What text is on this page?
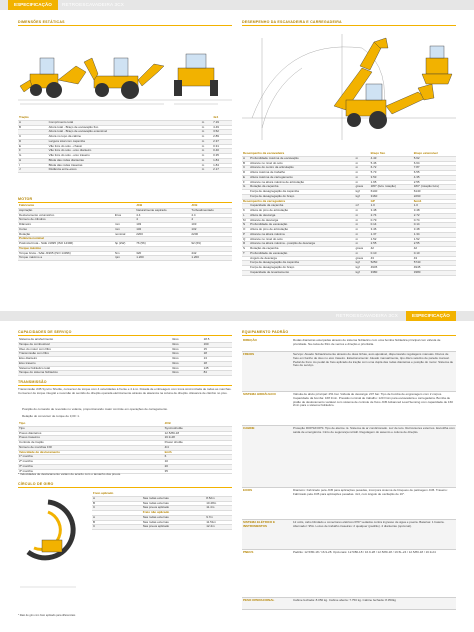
ESPECIFICAÇÃO	RETROESCAVADEIRA 3CX
DIMENSÕES ESTÁTICAS	DESEMPENHO DA ESCAVADEIRA E CARREGADEIRA
Tração			4x4
A	Comprimento total	m	7.19
B	Altura total - Braço de escavação fixo	m	4.49
	Altura total - Braço de escavação extensível	m	3.52
C	Altura no topo da cabine	m	2.89
D	Largura total com caçamba	m	2.37
E	Vão livre do solo - chassi	m	0.31
F	Vão livre do solo - eixo dianteiro	m	0.40
G	Vão livre do solo - eixo traseiro	m	0.35
H	Bitola das rodas dianteiras	m	1.84
I	Bitola das rodas traseiras	m	1.84
J	Distância entre-eixos	m	2.17
MOTOR
Fabricante		JCB	JCB
Aspiração		Naturalmente aspirado	Turboalimentado
Deslocamento volumétrico	litros	4.4	4.4
Número de cilindros		4	4
Diâmetro	mm	103	103
Curso	mm	132	132
Rotação	nominal	2200	2200
Potência nominal			
Potência bruta - SAE J1995 (ISO 14396)	hp (kW)	76 (56)	92 (69)
Torque máximo			
Torque bruta - SAE J1995 (ISO 14396)	Nm	320	442
Torque máximo a	rpm	1.200	1.200
Desempenho da escavadeira			Braço fixo	Braço extensível
A	Profundidade máxima de escavação	m	4.43	5.62
B	Alcance no nível do solo	m	5.46	6.64
C	Alcance do centro da articulação	m	6.72	7.87
D	Altura máxima de trabalho	m	5.73	6.55
E	Altura máxima de carregamento	m	3.53	4.35
F	Alcance na altura máxima de articulação	m	1.65	2.55
G	Rotação da caçamba	graus	180° (livre rotação)	180° (rotação livre)
	Força de desagregação da caçamba	kgf	6140	6140
	Força de desagregação do braço	kgf	3160	2290
Desempenho da carregadeira			GP	6em1
	Capacidade da caçamba	m³	1.0	1.0
K	Altura do pino de articulação	m	3.48	3.48
L	Altura de descarga	m	2.74	2.72
M	Alcance de descarga	m	0.79	0.74
N	Profundidade de escavação	m	0.14	0.14
O	Altura do pino de articulação	m	3.46	3.48
P	Alcance na altura máxima	m	1.37	1.34
Q	Alcance no nível do solo	m	1.52	1.52
R	Alcance na altura máxima - posição de descarga	m	2.55	2.55
S	Rotação da caçamba	graus	42	42
T	Profundidade de escavação	m	0.10	0.10
	Ângulo de descarga	graus	43	43
	Força de desagregação da caçamba	kgf	5250	5740
	Força de desagregação do braço	kgf	4945	4945
	Capacidade de levantamento	kgf	3380	3380
RETROESCAVADEIRA 3CX	ESPECIFICAÇÃO
CAPACIDADES DE SERVIÇO
Sistema de arrefecimento	litros	18.5
Tanque de combustível	litros	160
Óleo do motor com filtro	litros	15
Transmissão com filtro	litros	18
Eixo dianteiro	litros	13
Eixo traseiro	litros	18
Sistema hidráulico total	litros	145
Tanque do sistema hidráulico	litros	84
TRANSMISSÃO
Transmissão JCB Syncro Shuttle, conversor de torque com 4 velocidades à frente e 4 à ré. Dotada de embreagem com troca sincronizada de todas as marchas. Conversor de torque integral e reversão do sentido de direção operada eletricamente através de alavanca na coluna de direção. Alavanca de câmbio no piso.
Posição do comando de reversão no volante, proporcionando maior controle em operações de carregamento.
Relação do conversor de torque de 3,00 :1.
Tipo	JCB
Tipo	Syncroshuttle
Pneus dianteiros	12.5/80-18
Pneus traseiros	16.9-28
Controle de tração	Power shuttle
Número de marchas F/R	4/4
Velocidade de deslocamento	km/h
1ª marcha	6
2ª marcha	10
3ª marcha	20
4ª marcha	35
* Velocidades de deslocamento variam de acordo com o tamanho dos pneus.
CÍRCULO DE GIRO
* Raio de giro com freio aplicado para diferenciais
Freio aplicado		
A	Nas rodas externas	8.52m
B	Nas rodas externas	10.48m
C	Nas pneus aplicado	11.4m
	Freio não aplicado	
A	Nas rodas externas	9.7m
B	Nas rodas externas	11.51m
C	Nas pneus aplicado	12.4m
EQUIPAMENTO PADRÃO
DIREÇÃO	Rodas dianteiras esterçadas através de sistema hidráulico com uma bomba hidráulica principal com válvula de prioridade. Na caixa de filtro de ventos e direção é prioritária.
FREIOS	Serviço: Atuado hidraulicamente através de duas linhas, auto ajustável, dispensando regulagens manuais. Discos de freio em banho de óleo no eixo traseiro. Estacionamento: Atuado manualmente, tipo disco seletivo de parede manual. Pedal de freio: Ao pedal de freio aplicado da tração com uma dupla das rodas dianteiras e posição do motor. Sistema de freio de serviço.
SISTEMA HIDRÁULICO	Válvula de alívio principal: 251 bar. Válvula de descarga: 207 bar. Tipo de bomba de engrenagem com 2 corpos. Capacidade da bomba: 168 l/min. Pressão nominal de trabalho: 120 l/min para escavadeira e carregadeira. Bomba de pistão de deslocamento variável com sistema de controle de fluxo JCB Advanced Load Sensing com capacidade de 160 l/min para o sistema hidráulico.
CABINE	Proteção ROPS/FOPS: Tipo de alarme ré. Sistema de ar condicionado. Luz de teto. Retrovisores externos. Escotilha com saída de emergência. Cinto de segurança retrátil. Regulagem do assento e coluna de direção.
EIXOS	Dianteiro: Fabricado pela JCB para aplicações pesadas, incorpora sistema de bloqueio de patinagem JCB. Traseiro: Fabricado pela JCB para aplicações pesadas. 4x4, com ângulo de oscilação de 16°.
SISTEMA ELÉTRICO E INSTRUMENTOS
12 volts, cabo blindado e conectores elétricos IP67 vedados contra ingresso de água e poeira. Baterias: 1 bateria. Alternador: 95A. Luzes de trabalho traseiras: 2 qualquer (padrão). 4 dianteiras (opcional).
PNEUS	Padrão: 12.5/80-18 / 16.9-28. Opcionais: 12.5/80-18 / 16.9-28 / 12.5/80-18 / 19.5L-24 / 12.5/80-18 / 16.9-24
PESO OPERACIONAL	Cabine fechada: 8.050 kg. Cabine aberta: 7.750 kg. Cabine fechada: 8.350kg
